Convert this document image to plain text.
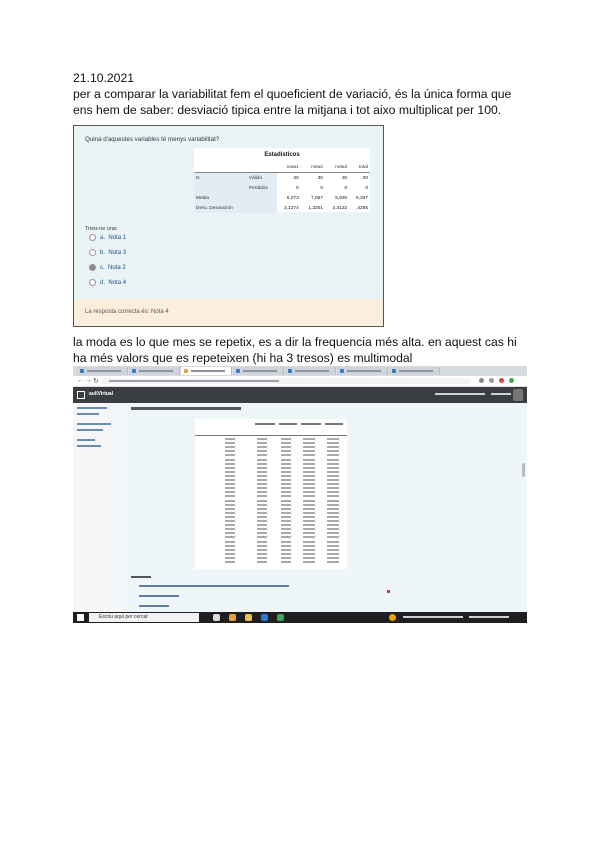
21.10.2021
per a comparar la variabilitat fem el quoeficient de variació, és la única forma que
ens hem de saber: desviació tipica entre la mitjana i tot aixo multiplicat per 100.
Quina d'aquestes variables té menys variabilitat?
Estadísticos
		nota1	nota2	nota3	total
N	Válido	30	30	30	30
	Perdidos	0	0	0	0
Media		6,273	7,067	5,930	6,337
Desv. Desviación		2,1274	1,3201	2,3132	,4285
Trieu-ne una:
a. Nota 1
b. Nota 3
c. Nota 2
d. Nota 4
La resposta correcta és: Nota 4
la moda es lo que mes se repetix, es a dir la frequencia més alta. en aquest cas hi
ha més valors que es repeteixen (hi ha 3 tresos) es multimodal
← → ↻
auliVirtual
Escriu aquí per cercar
